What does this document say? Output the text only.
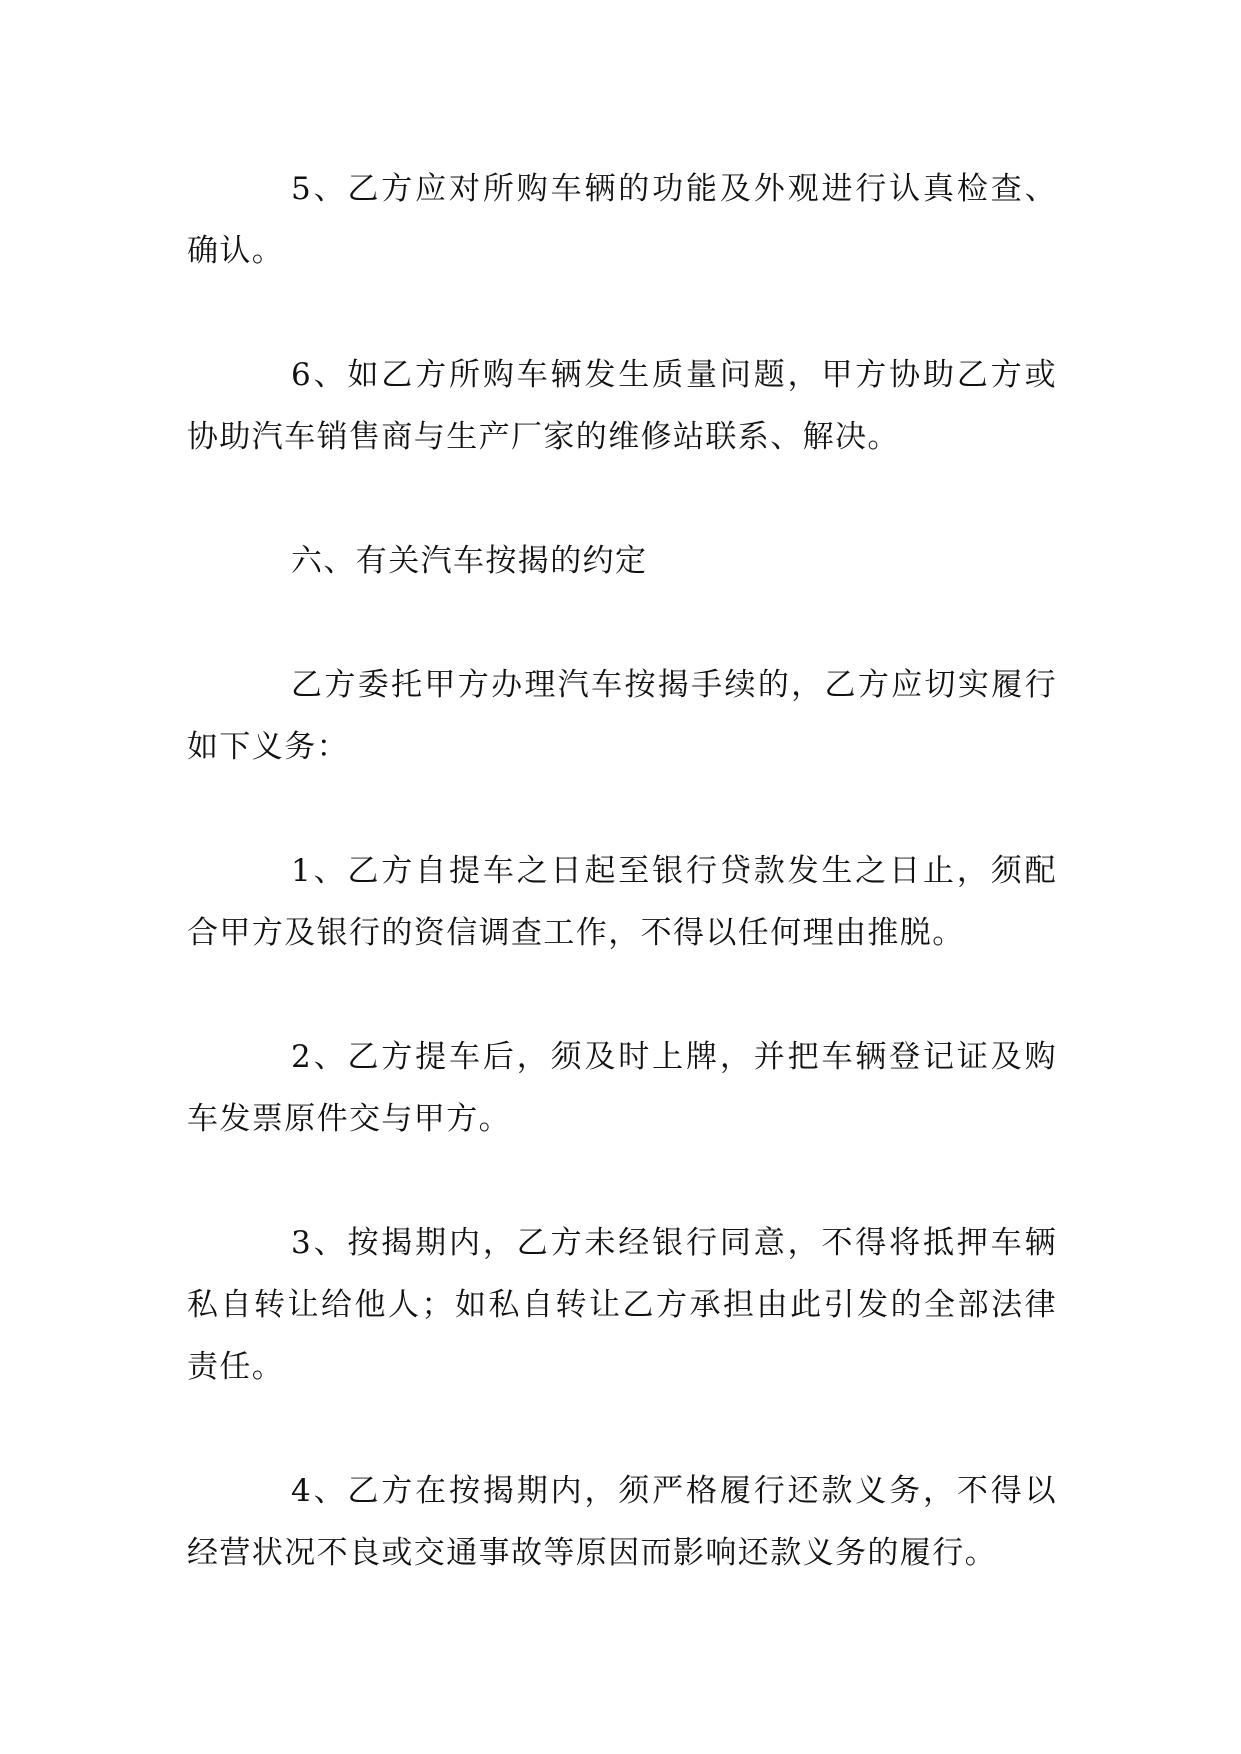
5、乙方应对所购车辆的功能及外观进行认真检查、确认。

6、如乙方所购车辆发生质量问题，甲方协助乙方或协助汽车销售商与生产厂家的维修站联系、解决。

六、有关汽车按揭的约定

乙方委托甲方办理汽车按揭手续的，乙方应切实履行如下义务：

1、乙方自提车之日起至银行贷款发生之日止，须配合甲方及银行的资信调查工作，不得以任何理由推脱。

2、乙方提车后，须及时上牌，并把车辆登记证及购车发票原件交与甲方。

3、按揭期内，乙方未经银行同意，不得将抵押车辆私自转让给他人；如私自转让乙方承担由此引发的全部法律责任。

4、乙方在按揭期内，须严格履行还款义务，不得以经营状况不良或交通事故等原因而影响还款义务的履行。
